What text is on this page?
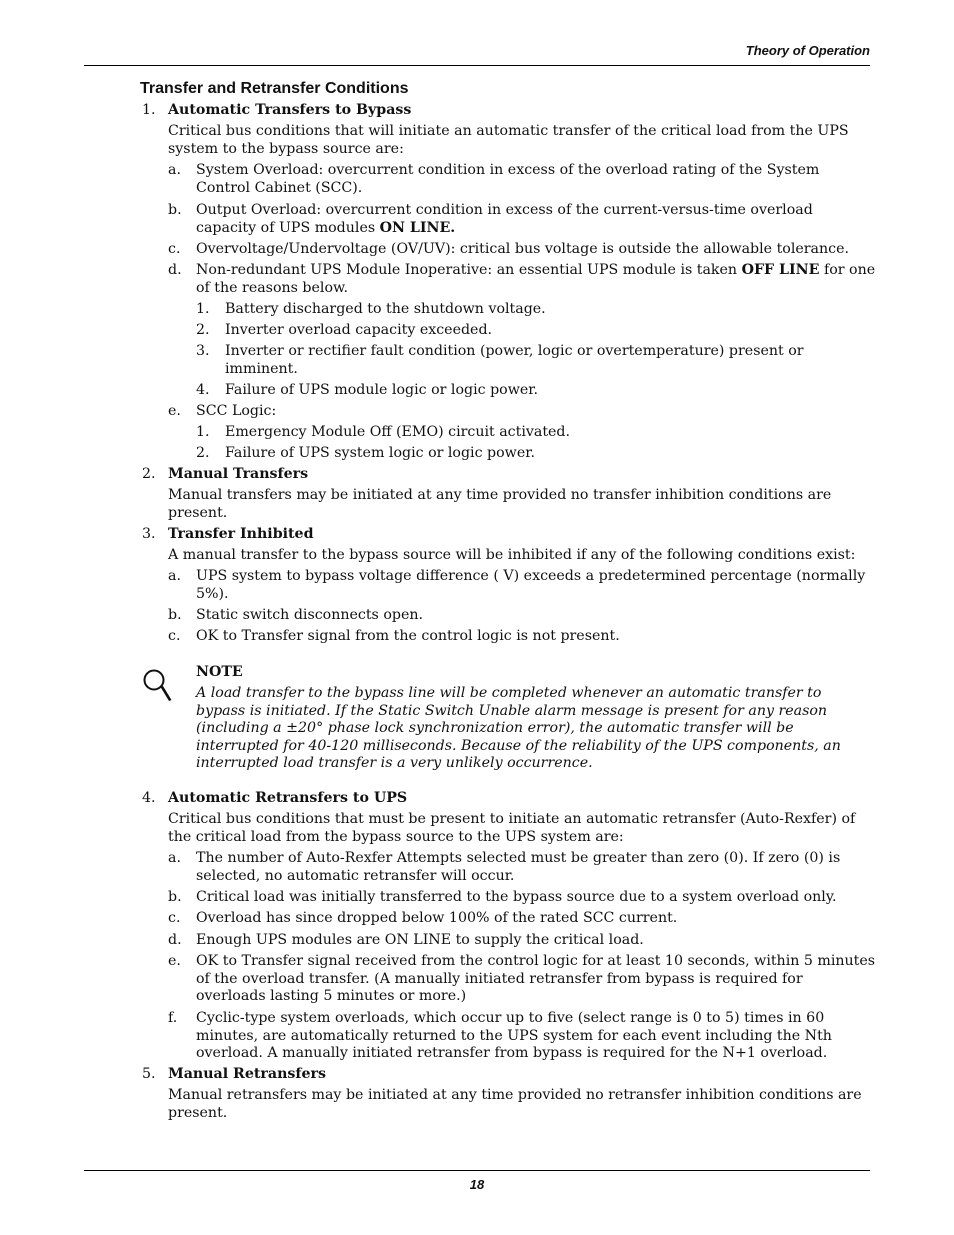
Theory of Operation
Transfer and Retransfer Conditions
1. Automatic Transfers to Bypass
Critical bus conditions that will initiate an automatic transfer of the critical load from the UPS system to the bypass source are:
a. System Overload: overcurrent condition in excess of the overload rating of the System Control Cabinet (SCC).
b. Output Overload: overcurrent condition in excess of the current-versus-time overload capacity of UPS modules ON LINE.
c. Overvoltage/Undervoltage (OV/UV): critical bus voltage is outside the allowable tolerance.
d. Non-redundant UPS Module Inoperative: an essential UPS module is taken OFF LINE for one of the reasons below.
1. Battery discharged to the shutdown voltage.
2. Inverter overload capacity exceeded.
3. Inverter or rectifier fault condition (power, logic or overtemperature) present or imminent.
4. Failure of UPS module logic or logic power.
e. SCC Logic:
1. Emergency Module Off (EMO) circuit activated.
2. Failure of UPS system logic or logic power.
2. Manual Transfers
Manual transfers may be initiated at any time provided no transfer inhibition conditions are present.
3. Transfer Inhibited
A manual transfer to the bypass source will be inhibited if any of the following conditions exist:
a. UPS system to bypass voltage difference ( V) exceeds a predetermined percentage (normally 5%).
b. Static switch disconnects open.
c. OK to Transfer signal from the control logic is not present.
NOTE
A load transfer to the bypass line will be completed whenever an automatic transfer to bypass is initiated. If the Static Switch Unable alarm message is present for any reason (including a ±20° phase lock synchronization error), the automatic transfer will be interrupted for 40-120 milliseconds. Because of the reliability of the UPS components, an interrupted load transfer is a very unlikely occurrence.
4. Automatic Retransfers to UPS
Critical bus conditions that must be present to initiate an automatic retransfer (Auto-Rexfer) of the critical load from the bypass source to the UPS system are:
a. The number of Auto-Rexfer Attempts selected must be greater than zero (0). If zero (0) is selected, no automatic retransfer will occur.
b. Critical load was initially transferred to the bypass source due to a system overload only.
c. Overload has since dropped below 100% of the rated SCC current.
d. Enough UPS modules are ON LINE to supply the critical load.
e. OK to Transfer signal received from the control logic for at least 10 seconds, within 5 minutes of the overload transfer. (A manually initiated retransfer from bypass is required for overloads lasting 5 minutes or more.)
f. Cyclic-type system overloads, which occur up to five (select range is 0 to 5) times in 60 minutes, are automatically returned to the UPS system for each event including the Nth overload. A manually initiated retransfer from bypass is required for the N+1 overload.
5. Manual Retransfers
Manual retransfers may be initiated at any time provided no retransfer inhibition conditions are present.
18
